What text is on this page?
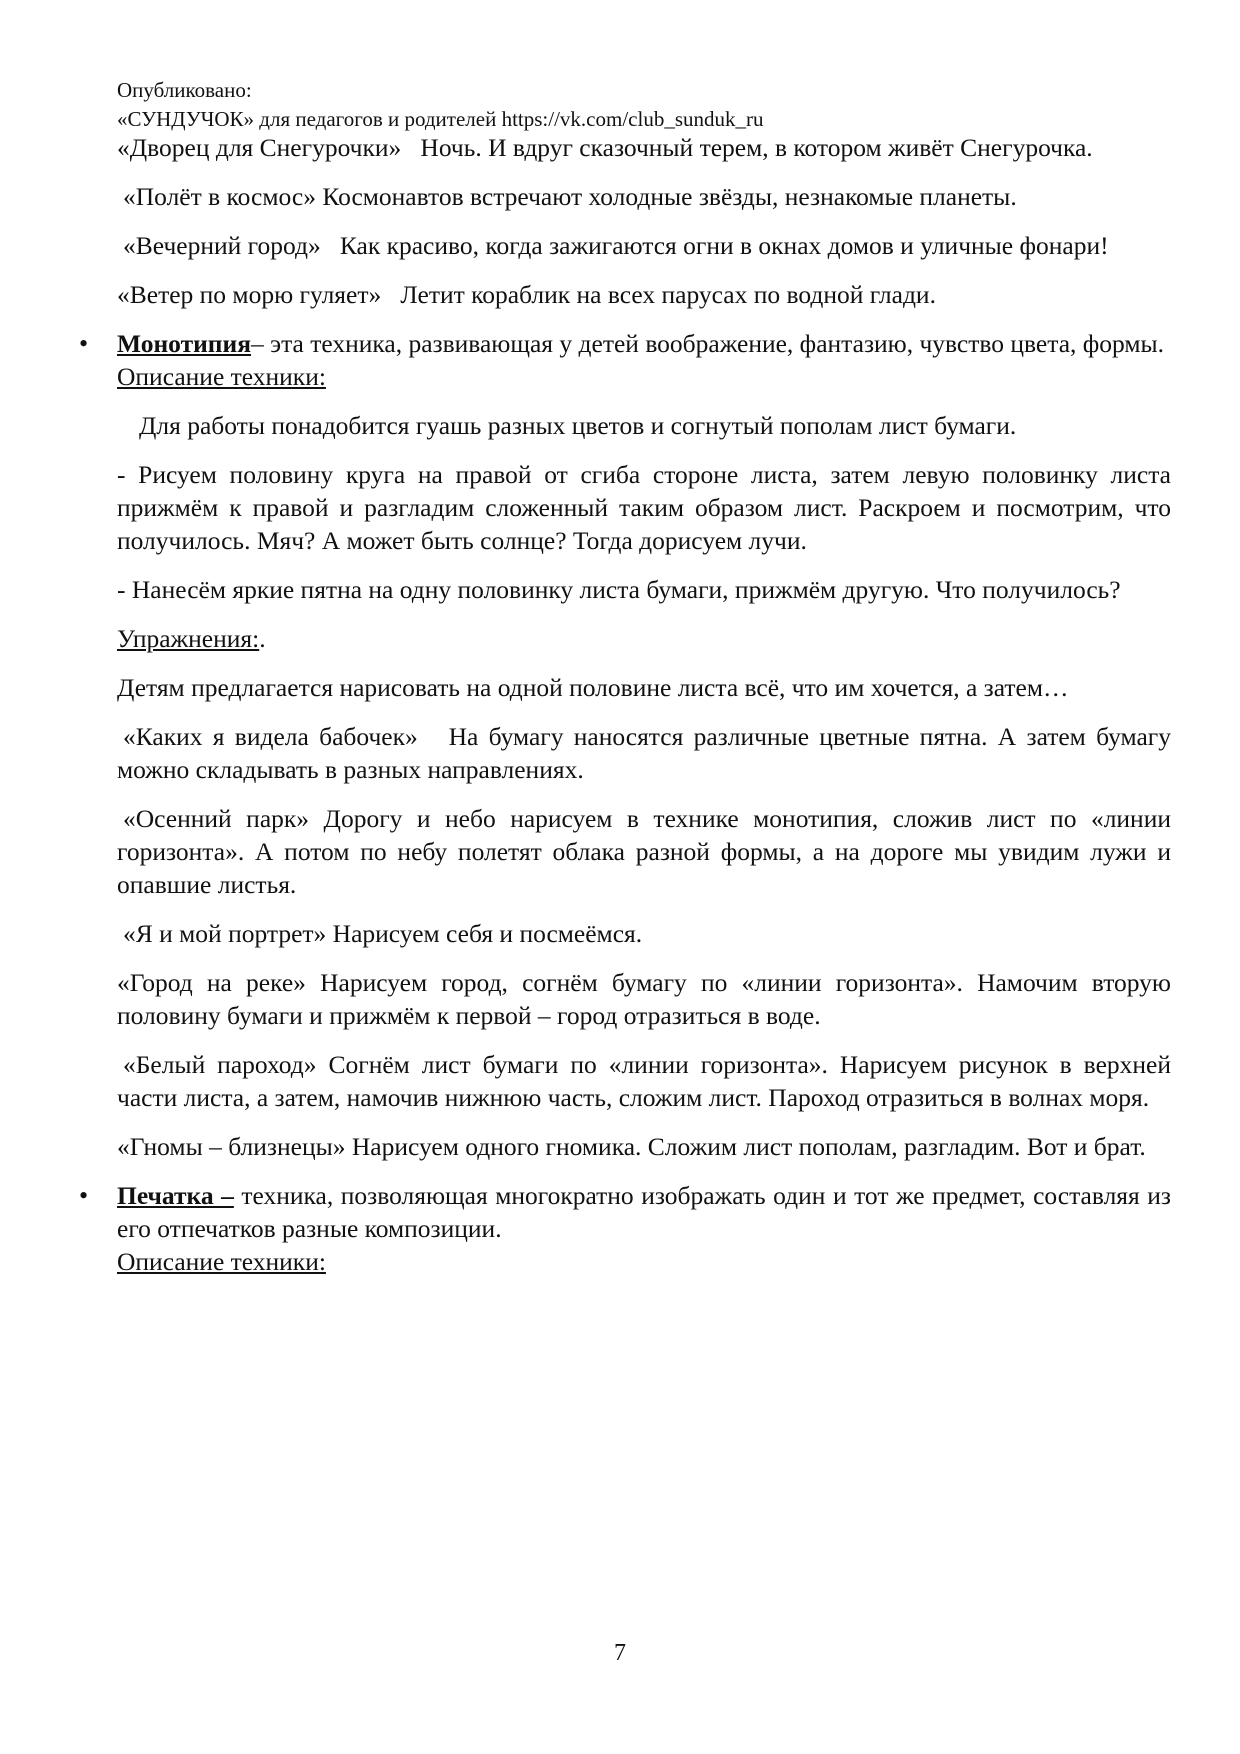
Опубликовано:
«СУНДУЧОК» для педагогов и родителей https://vk.com/club_sunduk_ru

«Дворец для Снегурочки» Ночь. И вдруг сказочный терем, в котором живёт Снегурочка.

«Полёт в космос» Космонавтов встречают холодные звёзды, незнакомые планеты.

«Вечерний город» Как красиво, когда зажигаются огни в окнах домов и уличные фонари!

«Ветер по морю гуляет» Летит кораблик на всех парусах по водной глади.

• Монотипия– эта техника, развивающая у детей воображение, фантазию, чувство цвета, формы.

Описание техники:

Для работы понадобится гуашь разных цветов и согнутый пополам лист бумаги.

- Рисуем половину круга на правой от сгиба стороне листа, затем левую половинку листа прижмём к правой и разгладим сложенный таким образом лист. Раскроем и посмотрим, что получилось. Мяч? А может быть солнце? Тогда дорисуем лучи.

- Нанесём яркие пятна на одну половинку листа бумаги, прижмём другую. Что получилось?

Упражнения:.

Детям предлагается нарисовать на одной половине листа всё, что им хочется, а затем…

«Каких я видела бабочек» На бумагу наносятся различные цветные пятна. А затем бумагу можно складывать в разных направлениях.

«Осенний парк» Дорогу и небо нарисуем в технике монотипия, сложив лист по «линии горизонта». А потом по небу полетят облака разной формы, а на дороге мы увидим лужи и опавшие листья.

«Я и мой портрет» Нарисуем себя и посмеёмся.

«Город на реке» Нарисуем город, согнём бумагу по «линии горизонта». Намочим вторую половину бумаги и прижмём к первой – город отразиться в воде.

«Белый пароход» Согнём лист бумаги по «линии горизонта». Нарисуем рисунок в верхней части листа, а затем, намочив нижнюю часть, сложим лист. Пароход отразиться в волнах моря.

«Гномы – близнецы» Нарисуем одного гномика. Сложим лист пополам, разгладим. Вот и брат.

• Печатка – техника, позволяющая многократно изображать один и тот же предмет, составляя из его отпечатков разные композиции.

Описание техники:

7
